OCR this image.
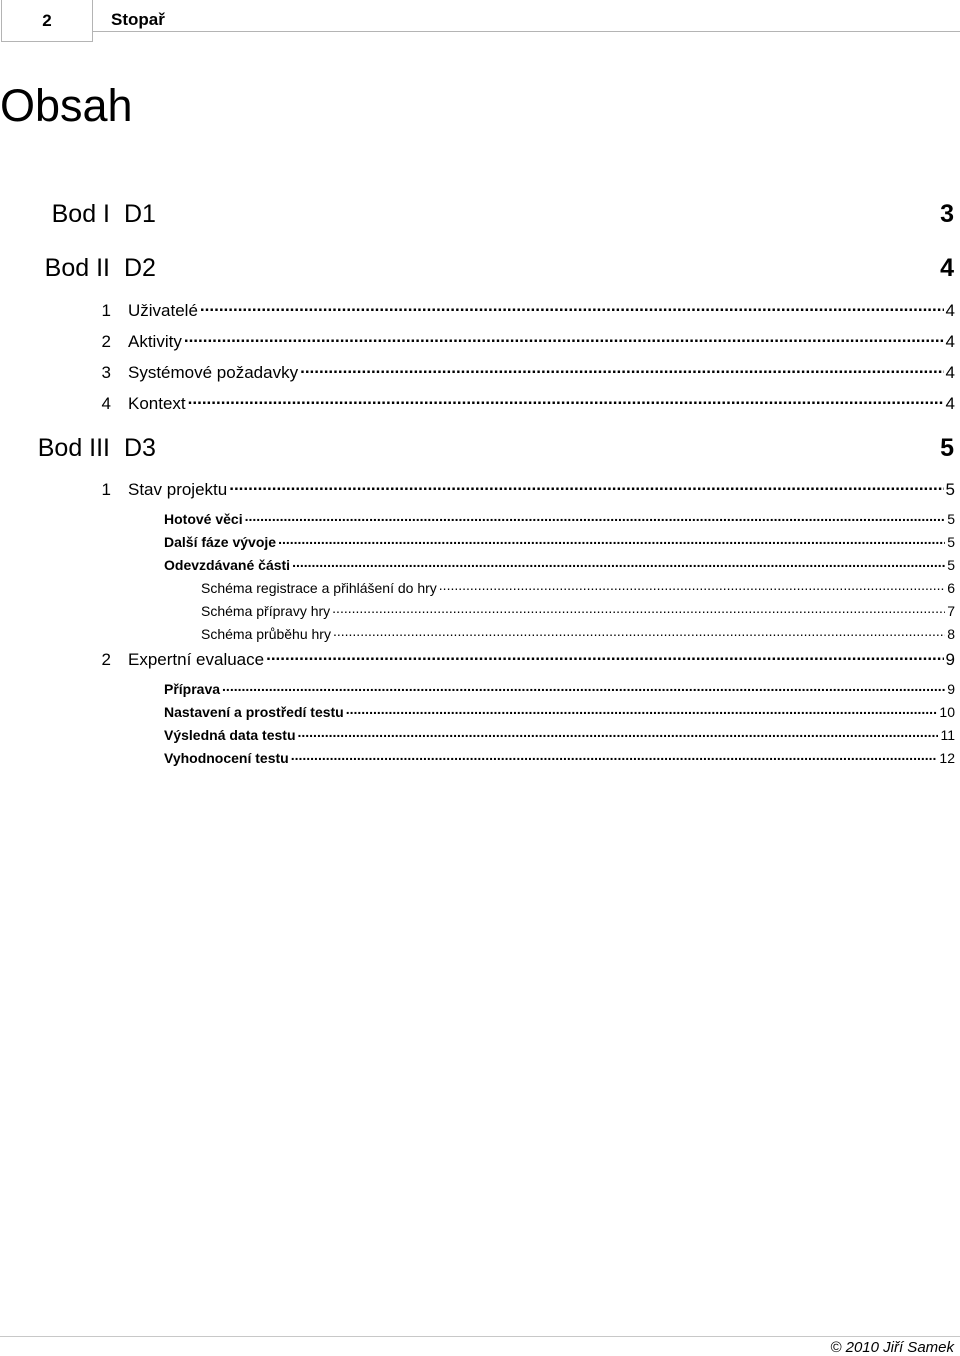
2	Stopař
Obsah
Bod I D1	3
Bod II D2	4
1 Uživatelé .....	4
2 Aktivity .....	4
3 Systémové požadavky .....	4
4 Kontext .....	4
Bod III D3	5
1 Stav projektu .....	5
Hotové věci .....	5
Další fáze vývoje .....	5
Odevzdávané části .....	5
Schéma registrace a přihlášení do hry .....	6
Schéma přípravy hry .....	7
Schéma průběhu hry .....	8
2 Expertní evaluace .....	9
Příprava .....	9
Nastavení a prostředí testu .....	10
Výsledná data testu .....	11
Vyhodnocení testu .....	12
© 2010 Jiří Samek
